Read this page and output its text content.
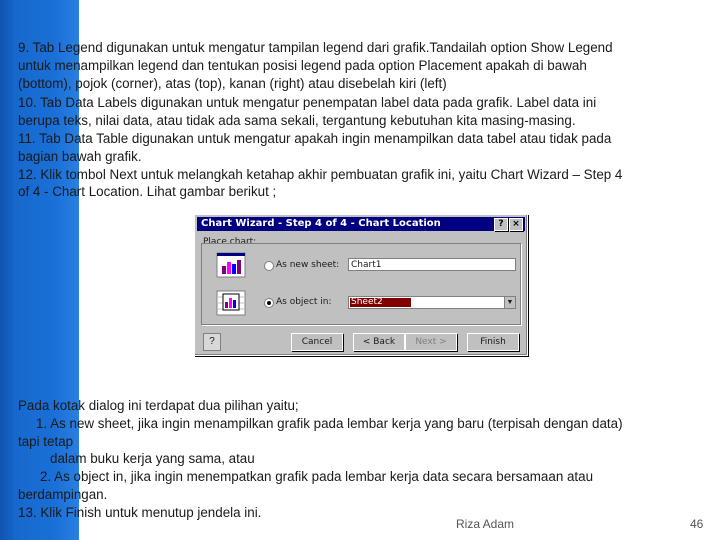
9. Tab Legend digunakan untuk mengatur tampilan legend dari grafik.Tandailah option Show Legend
untuk menampilkan legend dan tentukan posisi legend pada option Placement apakah di bawah
(bottom), pojok (corner), atas (top), kanan (right) atau disebelah kiri (left)
10. Tab Data Labels digunakan untuk mengatur penempatan label data pada grafik. Label data ini
berupa teks, nilai data, atau tidak ada sama sekali, tergantung kebutuhan kita masing-masing.
11. Tab Data Table digunakan untuk mengatur apakah ingin menampilkan data tabel atau tidak pada
bagian bawah grafik.
12. Klik tombol Next untuk melangkah ketahap akhir pembuatan grafik ini, yaitu Chart Wizard – Step 4
of 4 - Chart Location. Lihat gambar berikut ;
Chart Wizard - Step 4 of 4 - Chart Location	? ×
Place chart:
As new sheet:	Chart1
As object in: Sheet2	▼
?	Cancel	< Back	Next >	Finish
Pada kotak dialog ini terdapat dua pilihan yaitu;
1. As new sheet, jika ingin menampilkan grafik pada lembar kerja yang baru (terpisah dengan data)
tapi tetap
dalam buku kerja yang sama, atau
2. As object in, jika ingin menempatkan grafik pada lembar kerja data secara bersamaan atau
berdampingan.
13. Klik Finish untuk menutup jendela ini.
Riza Adam	46
